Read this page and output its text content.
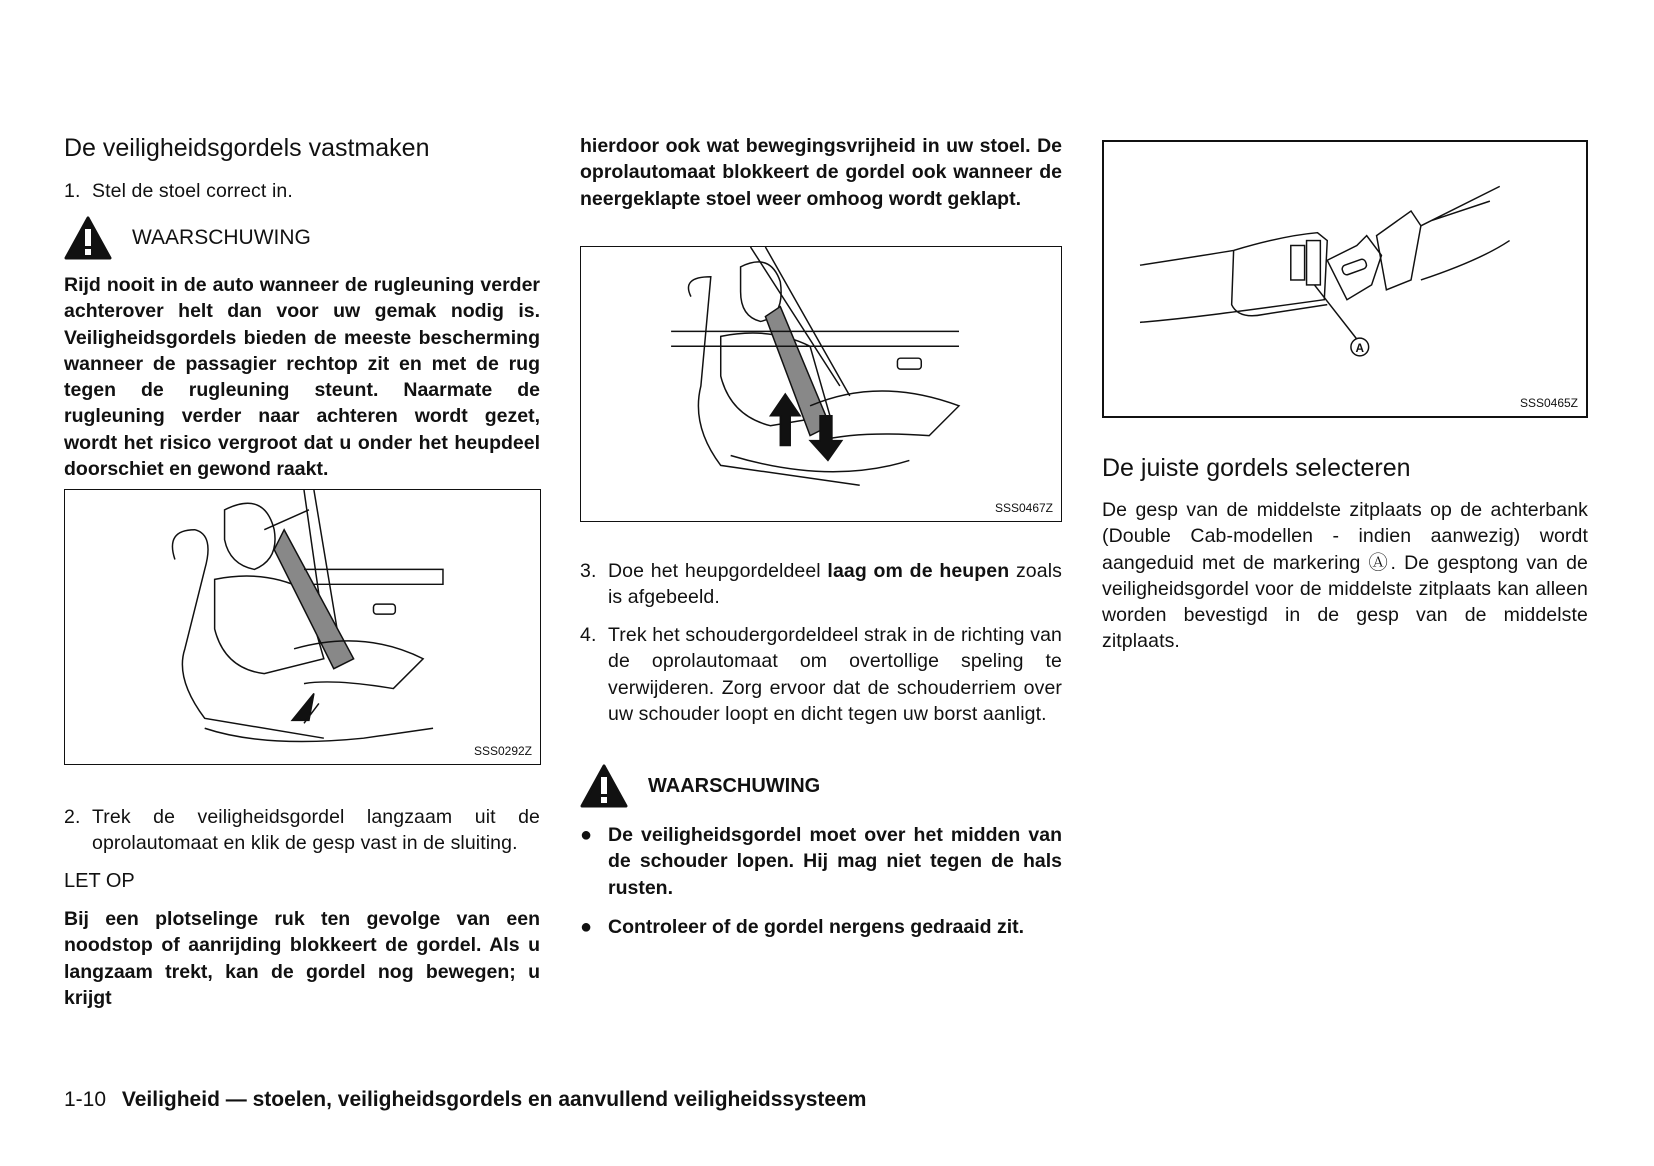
De veiligheidsgordels vastmaken
1. Stel de stoel correct in.
WAARSCHUWING

Rijd nooit in de auto wanneer de rugleuning verder achterover helt dan voor uw gemak nodig is. Veiligheidsgordels bieden de meeste bescherming wanneer de passagier rechtop zit en met de rug tegen de rugleuning steunt. Naarmate de rugleuning verder naar achteren wordt gezet, wordt het risico vergroot dat u onder het heupdeel doorschiet en gewond raakt.

SSS0292Z
2. Trek de veiligheidsgordel langzaam uit de oprolautomaat en klik de gesp vast in de sluiting.
LET OP

Bij een plotselinge ruk ten gevolge van een noodstop of aanrijding blokkeert de gordel. Als u langzaam trekt, kan de gordel nog bewegen; u krijgt

hierdoor ook wat bewegingsvrijheid in uw stoel. De oprolautomaat blokkeert de gordel ook wanneer de neergeklapte stoel weer omhoog wordt geklapt.

SSS0467Z
3. Doe het heupgordeldeel laag om de heupen zoals is afgebeeld.
4. Trek het schoudergordeldeel strak in de richting van de oprolautomaat om overtollige speling te verwijderen. Zorg ervoor dat de schouderriem over uw schouder loopt en dicht tegen uw borst aanligt.
WAARSCHUWING
● De veiligheidsgordel moet over het midden van de schouder lopen. Hij mag niet tegen de hals rusten.
● Controleer of de gordel nergens gedraaid zit.
A
SSS0465Z
De juiste gordels selecteren

De gesp van de middelste zitplaats op de achterbank (Double Cab-modellen - indien aanwezig) wordt aangeduid met de markering Ⓐ. De gesptong van de veiligheidsgordel voor de middelste zitplaats kan alleen worden bevestigd in de gesp van de middelste zitplaats.

1-10 Veiligheid — stoelen, veiligheidsgordels en aanvullend veiligheidssysteem
